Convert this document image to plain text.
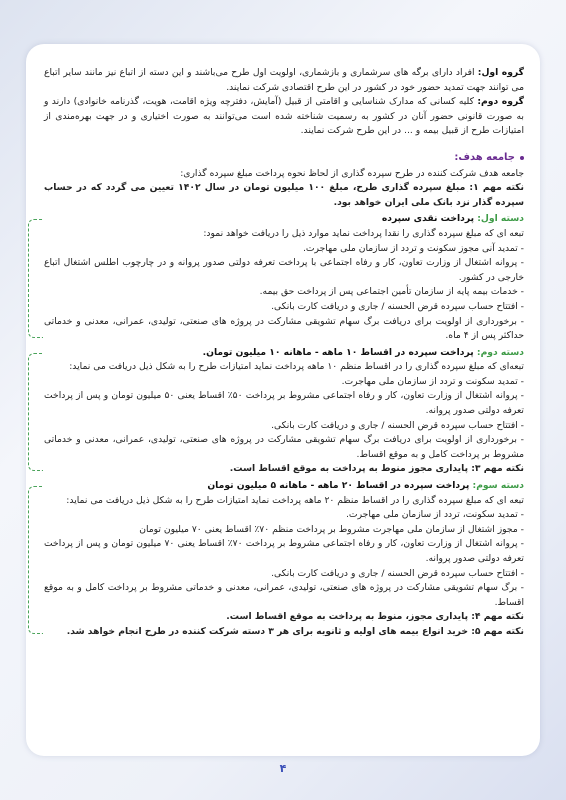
گروه اول: افراد دارای برگه های سرشماری و بازشماری، اولویت اول طرح می‌باشند و این دسته از اتباع نیز مانند سایر اتباع می توانند جهت تمدید حضور خود در کشور در این طرح اقتصادی شرکت نمایند.

گروه دوم: کلیه کسانی که مدارک شناسایی و اقامتی از قبیل (آمایش، دفترچه ویژه اقامت، هویت، گذرنامه خانوادی) دارند و به صورت قانونی حضور آنان در کشور به رسمیت شناخته شده است می‌توانند به صورت اختیاری و در جهت بهره‌مندی از امتیازات طرح از قبیل بیمه و ... در این طرح شرکت نمایند.

جامعه هدف:

جامعه هدف شرکت کننده در طرح سپرده گذاری از لحاظ نحوه پرداخت مبلغ سپرده گذاری:

نکته مهم ۱: مبلغ سپرده گذاری طرح، مبلغ ۱۰۰ میلیون تومان در سال ۱۴۰۲ تعیین می گردد که در حساب سپرده گذار نزد بانک ملی ایران خواهد بود.

دسته اول: پرداخت نقدی سپرده

تبعه ای که مبلغ سپرده گذاری را نقدا پرداخت نماید موارد ذیل را دریافت خواهد نمود:

- تمدید آنی مجوز سکونت و تردد از سازمان ملی مهاجرت.

- پروانه اشتغال از وزارت تعاون، کار و رفاه اجتماعی با پرداخت تعرفه دولتی صدور پروانه و در چارچوب اطلس اشتغال اتباع خارجی در کشور.

- خدمات بیمه پایه از سازمان تأمین اجتماعی پس از پرداخت حق بیمه.

- افتتاح حساب سپرده قرض الحسنه / جاری و دریافت کارت بانکی.

- برخورداری از اولویت برای دریافت برگ سهام تشویقی مشارکت در پروژه های صنعتی، تولیدی، عمرانی، معدنی و خدماتی حداکثر پس از ۴ ماه.

دسته دوم: پرداخت سپرده در اقساط ۱۰ ماهه - ماهانه ۱۰ میلیون تومان.

تبعه‌ای که مبلغ سپرده گذاری را در اقساط منظم ۱۰ ماهه پرداخت نماید امتیازات طرح را به شکل ذیل دریافت می نماید:

- تمدید سکونت و تردد از سازمان ملی مهاجرت.

- پروانه اشتغال از وزارت تعاون، کار و رفاه اجتماعی مشروط بر پرداخت ۵۰٪ اقساط یعنی ۵۰ میلیون تومان و پس از پرداخت تعرفه دولتی صدور پروانه.

- افتتاح حساب سپرده قرض الحسنه / جاری و دریافت کارت بانکی.

- برخورداری از اولویت برای دریافت برگ سهام تشویقی مشارکت در پروژه های صنعتی، تولیدی، عمرانی، معدنی و خدماتی مشروط بر پرداخت کامل و به موقع اقساط.

نکته مهم ۳: پایداری مجوز منوط به پرداخت به موقع اقساط است.

دسته سوم: پرداخت سپرده در اقساط ۲۰ ماهه - ماهانه ۵ میلیون تومان

تبعه ای که مبلغ سپرده گذاری را در اقساط منظم ۲۰ ماهه پرداخت نماید امتیازات طرح را به شکل ذیل دریافت می نماید:

- تمدید سکونت، تردد از سازمان ملی مهاجرت.

- مجوز اشتغال از سازمان ملی مهاجرت مشروط بر پرداخت منظم ۷۰٪ اقساط یعنی ۷۰ میلیون تومان

- پروانه اشتغال از وزارت تعاون، کار و رفاه اجتماعی مشروط بر پرداخت ۷۰٪ اقساط یعنی ۷۰ میلیون تومان و پس از پرداخت تعرفه دولتی صدور پروانه.

- افتتاح حساب سپرده قرض الحسنه / جاری و دریافت کارت بانکی.

- برگ سهام تشویقی مشارکت در پروژه های صنعتی، تولیدی، عمرانی، معدنی و خدماتی مشروط بر پرداخت کامل و به موقع اقساط.

نکته مهم ۴: پایداری مجوز، منوط به پرداخت به موقع اقساط است.

نکته مهم ۵: خرید انواع بیمه های اولیه و ثانویه برای هر ۳ دسته شرکت کننده در طرح انجام خواهد شد.

۴
